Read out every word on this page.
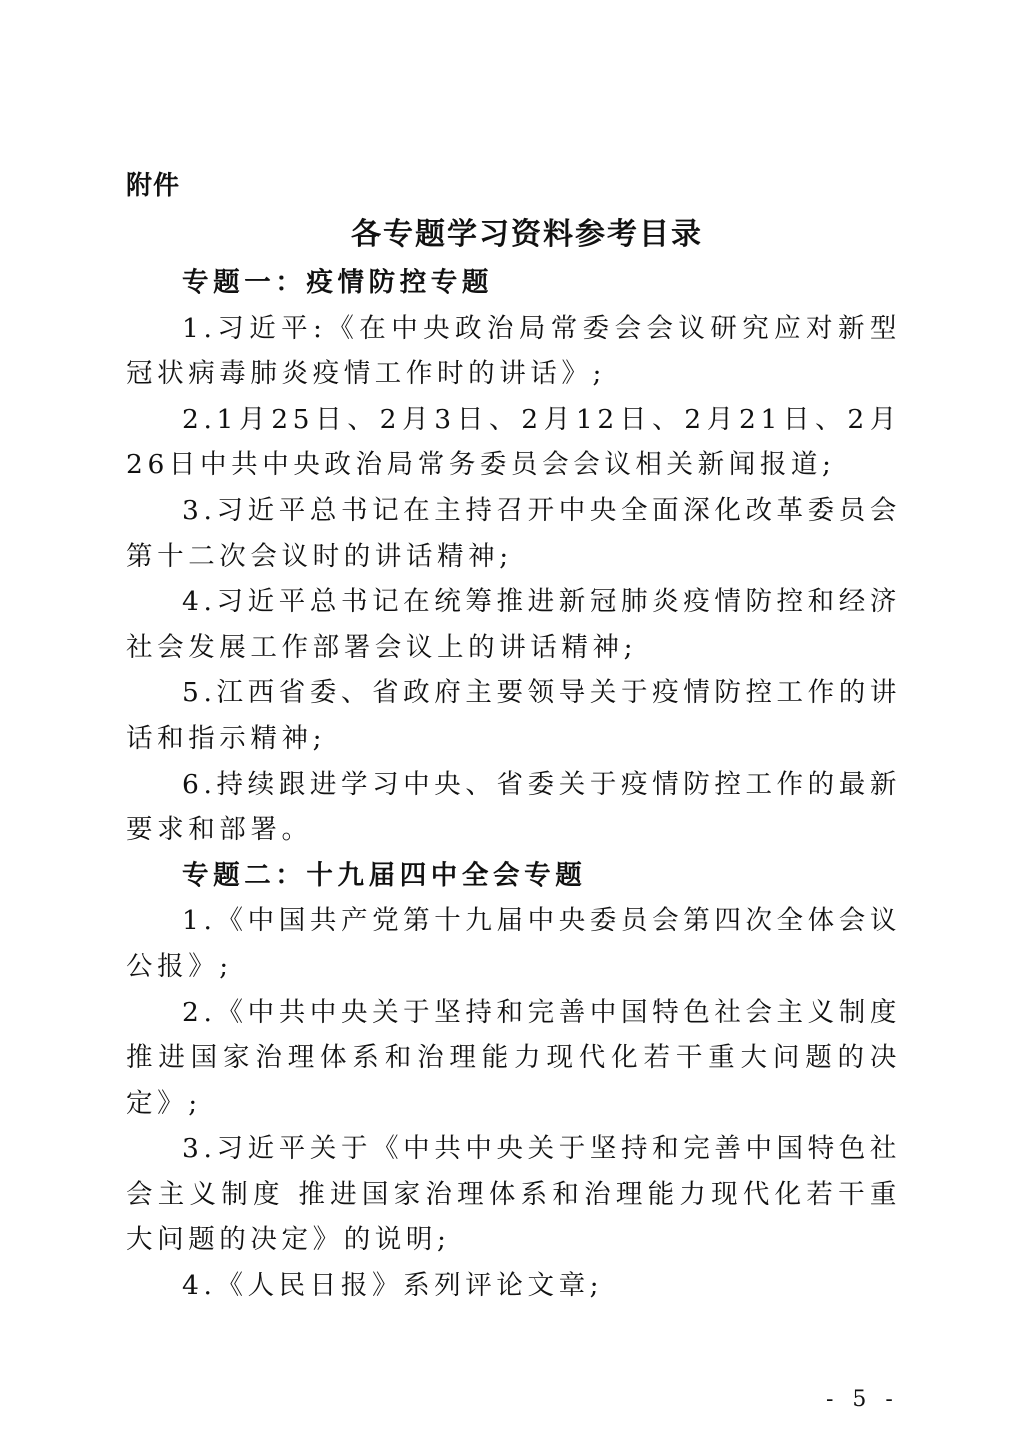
附件
各专题学习资料参考目录

专题一：疫情防控专题

1.习近平:《在中央政治局常委会会议研究应对新型冠状病毒肺炎疫情工作时的讲话》;

2.1月25日、2月3日、2月12日、2月21日、2月26日中共中央政治局常务委员会会议相关新闻报道;

3.习近平总书记在主持召开中央全面深化改革委员会第十二次会议时的讲话精神;

4.习近平总书记在统筹推进新冠肺炎疫情防控和经济社会发展工作部署会议上的讲话精神;

5.江西省委、省政府主要领导关于疫情防控工作的讲话和指示精神;

6.持续跟进学习中央、省委关于疫情防控工作的最新要求和部署。

专题二：十九届四中全会专题

1.《中国共产党第十九届中央委员会第四次全体会议公报》;

2.《中共中央关于坚持和完善中国特色社会主义制度 推进国家治理体系和治理能力现代化若干重大问题的决定》;

3.习近平关于《中共中央关于坚持和完善中国特色社会主义制度 推进国家治理体系和治理能力现代化若干重大问题的决定》的说明;

4.《人民日报》系列评论文章;

- 5 -
